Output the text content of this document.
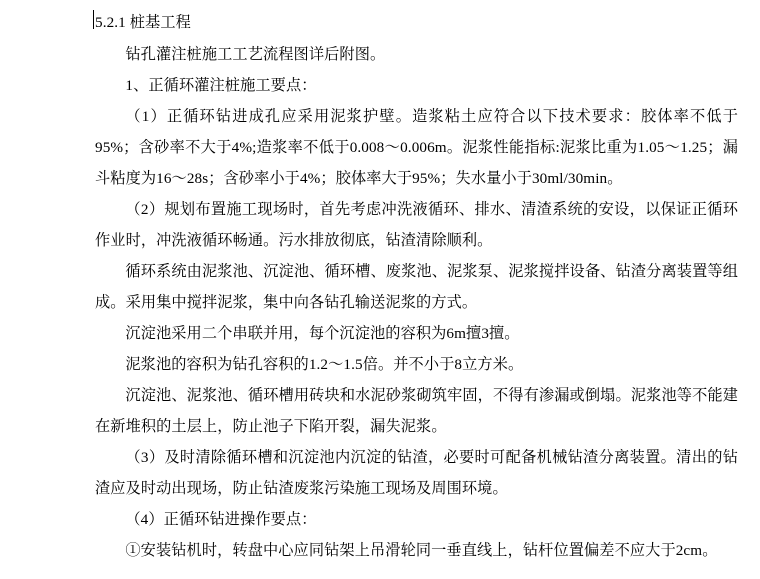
5.2.1 桩基工程

钻孔灌注桩施工工艺流程图详后附图。

1、正循环灌注桩施工要点：

（1）正循环钻进成孔应采用泥浆护壁。造浆粘土应符合以下技术要求：胶体率不低于95%；含砂率不大于4%;造浆率不低于0.008～0.006m。泥浆性能指标:泥浆比重为1.05～1.25；漏斗粘度为16～28s；含砂率小于4%；胶体率大于95%；失水量小于30ml/30min。

（2）规划布置施工现场时，首先考虑冲洗液循环、排水、清渣系统的安设，以保证正循环作业时，冲洗液循环畅通。污水排放彻底，钻渣清除顺利。

循环系统由泥浆池、沉淀池、循环槽、废浆池、泥浆泵、泥浆搅拌设备、钻渣分离装置等组成。采用集中搅拌泥浆，集中向各钻孔输送泥浆的方式。

沉淀池采用二个串联并用，每个沉淀池的容积为6m擅3擅。

泥浆池的容积为钻孔容积的1.2～1.5倍。并不小于8立方米。

沉淀池、泥浆池、循环槽用砖块和水泥砂浆砌筑牢固，不得有渗漏或倒塌。泥浆池等不能建在新堆积的土层上，防止池子下陷开裂，漏失泥浆。

（3）及时清除循环槽和沉淀池内沉淀的钻渣，必要时可配备机械钻渣分离装置。清出的钻渣应及时动出现场，防止钻渣废浆污染施工现场及周围环境。

（4）正循环钻进操作要点：

①安装钻机时，转盘中心应同钻架上吊滑轮同一垂直线上，钻杆位置偏差不应大于2cm。
